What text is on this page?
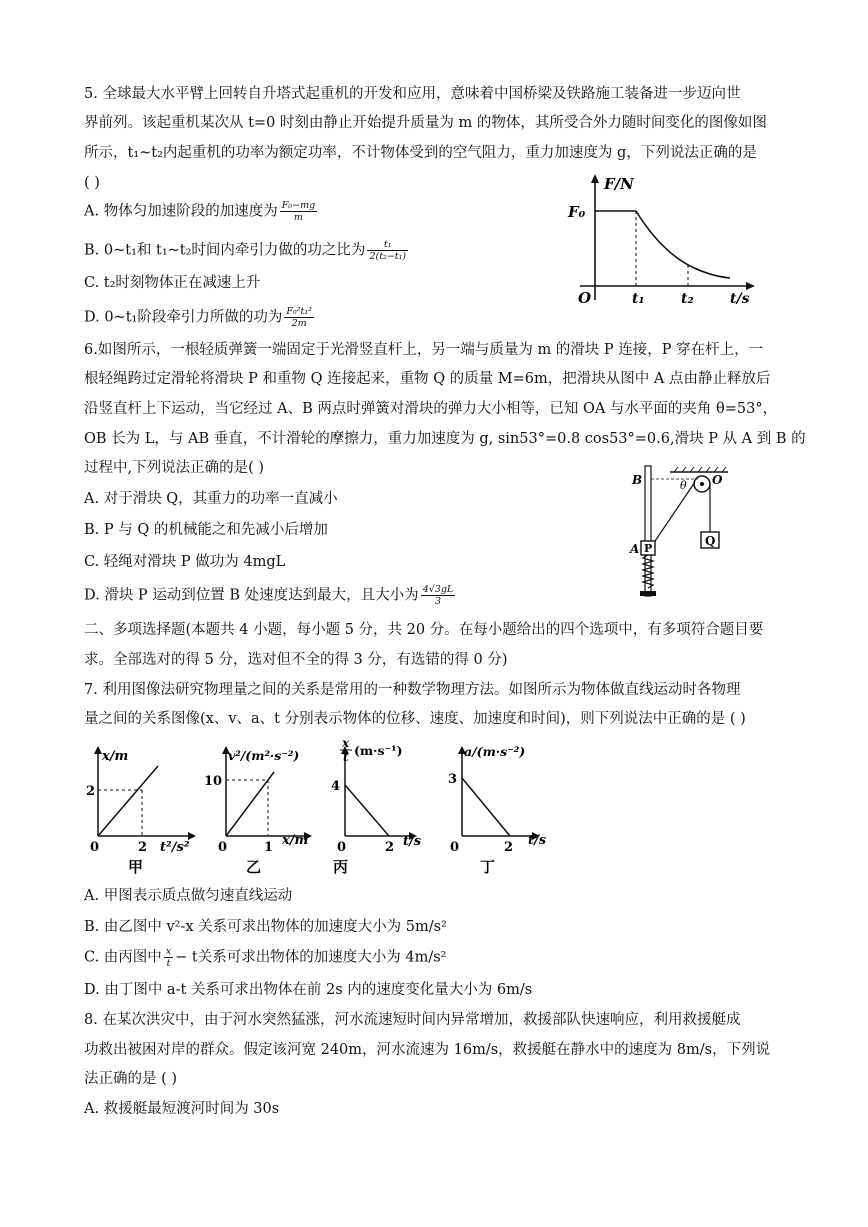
5. 全球最大水平臂上回转自升塔式起重机的开发和应用，意味着中国桥梁及铁路施工装备进一步迈向世
界前列。该起重机某次从 t=0 时刻由静止开始提升质量为 m 的物体，其所受合外力随时间变化的图像如图
所示，t₁~t₂内起重机的功率为额定功率，不计物体受到的空气阻力，重力加速度为 g，下列说法正确的是
( )
A. 物体匀加速阶段的加速度为 $\frac{\text{F₀−mg}}{m}$
B. 0~t₁和 t₁~t₂时间内牵引力做的功之比为 $\frac{\text{t₁}}{\text{2(t₂−t₁)}}$
C. t₂时刻物体正在减速上升
D. 0~t₁阶段牵引力所做的功为 $\frac{\text{F₀²t₁²}}{2m}$
F/N
F₀
O	t₁	t₂	t/s
6.如图所示，一根轻质弹簧一端固定于光滑竖直杆上，另一端与质量为 m 的滑块 P 连接，P 穿在杆上，一
根轻绳跨过定滑轮将滑块 P 和重物 Q 连接起来，重物 Q 的质量 M=6m，把滑块从图中 A 点由静止释放后
沿竖直杆上下运动，当它经过 A、B 两点时弹簧对滑块的弹力大小相等，已知 OA 与水平面的夹角 θ=53°，
OB 长为 L，与 AB 垂直，不计滑轮的摩擦力，重力加速度为 g, sin53°=0.8 cos53°=0.6,滑块 P 从 A 到 B 的
过程中,下列说法正确的是( )
A. 对于滑块 Q，其重力的功率一直减小
B. P 与 Q 的机械能之和先减小后增加
C. 轻绳对滑块 P 做功为 4mgL
D. 滑块 P 运动到位置 B 处速度达到最大，且大小为 $\frac{4√3gL}{3}$
Q
P
B
A
θ O
二、多项选择题(本题共 4 小题，每小题 5 分，共 20 分。在每小题给出的四个选项中，有多项符合题目要
求。全部选对的得 5 分，选对但不全的得 3 分，有选错的得 0 分)
7. 利用图像法研究物理量之间的关系是常用的一种数学物理方法。如图所示为物体做直线运动时各物理
量之间的关系图像(x、v、a、t 分别表示物体的位移、速度、加速度和时间)，则下列说法中正确的是 ( )
x/m
2
0	2 t²/s²
甲
v²/(m²·s⁻²)
10
0	1 x/m
乙
x
t (m·s⁻¹)
4
0	2 t/s
丙
a/(m·s⁻²)
3
0	2 t/s
丁
A. 甲图表示质点做匀速直线运动
B. 由乙图中 v²-x 关系可求出物体的加速度大小为 5m/s²
C. 由丙图中 $\frac{x}{t} - t$关系可求出物体的加速度大小为 4m/s²
D. 由丁图中 a-t 关系可求出物体在前 2s 内的速度变化量大小为 6m/s
8. 在某次洪灾中，由于河水突然猛涨，河水流速短时间内异常增加，救援部队快速响应，利用救援艇成
功救出被困对岸的群众。假定该河宽 240m，河水流速为 16m/s，救援艇在静水中的速度为 8m/s，下列说
法正确的是 ( )
A. 救援艇最短渡河时间为 30s
